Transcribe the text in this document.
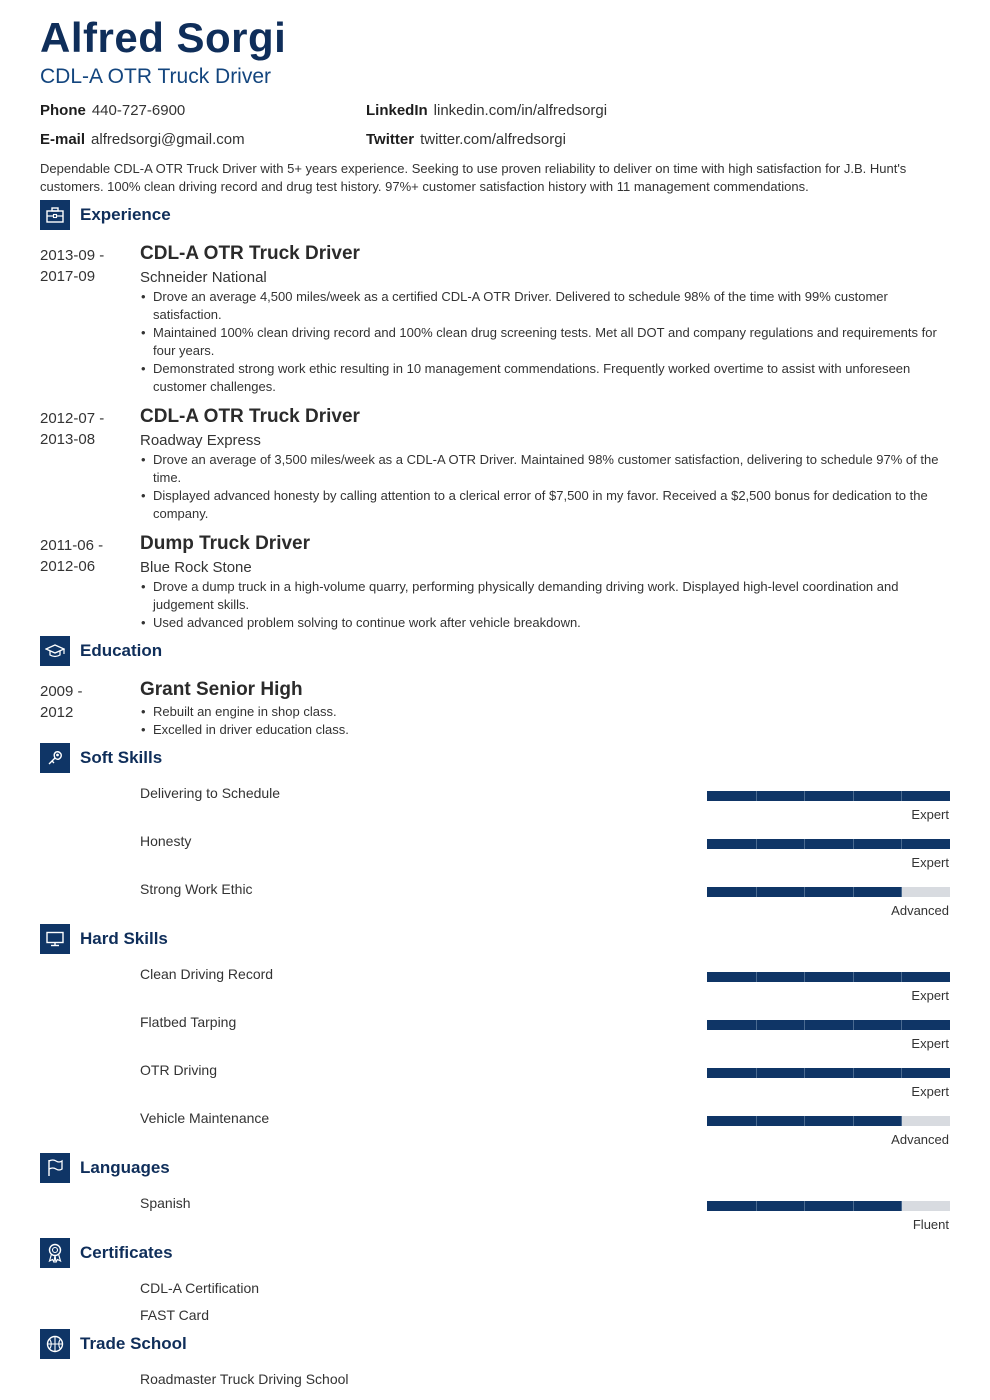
Alfred Sorgi
CDL-A OTR Truck Driver
Phone 440-727-6900
E-mail alfredsorgi@gmail.com
LinkedIn linkedin.com/in/alfredsorgi
Twitter twitter.com/alfredsorgi
Dependable CDL-A OTR Truck Driver with 5+ years experience. Seeking to use proven reliability to deliver on time with high satisfaction for J.B. Hunt's customers. 100% clean driving record and drug test history. 97%+ customer satisfaction history with 11 management commendations.
Experience
2013-09 -
2017-09
CDL-A OTR Truck Driver
Schneider National
• Drove an average 4,500 miles/week as a certified CDL-A OTR Driver. Delivered to schedule 98% of the time with 99% customer satisfaction.
• Maintained 100% clean driving record and 100% clean drug screening tests. Met all DOT and company regulations and requirements for four years.
• Demonstrated strong work ethic resulting in 10 management commendations. Frequently worked overtime to assist with unforeseen customer challenges.
2012-07 -
2013-08
CDL-A OTR Truck Driver
Roadway Express
• Drove an average of 3,500 miles/week as a CDL-A OTR Driver. Maintained 98% customer satisfaction, delivering to schedule 97% of the time.
• Displayed advanced honesty by calling attention to a clerical error of $7,500 in my favor. Received a $2,500 bonus for dedication to the company.
2011-06 -
2012-06
Dump Truck Driver
Blue Rock Stone
• Drove a dump truck in a high-volume quarry, performing physically demanding driving work. Displayed high-level coordination and judgement skills.
• Used advanced problem solving to continue work after vehicle breakdown.
Education
2009 -
2012
Grant Senior High
• Rebuilt an engine in shop class.
• Excelled in driver education class.
Soft Skills
Delivering to Schedule
Expert
Honesty
Expert
Strong Work Ethic
Advanced
Hard Skills
Clean Driving Record
Expert
Flatbed Tarping
Expert
OTR Driving
Expert
Vehicle Maintenance
Advanced
Languages
Spanish
Fluent
Certificates
CDL-A Certification
FAST Card
Trade School
Roadmaster Truck Driving School
